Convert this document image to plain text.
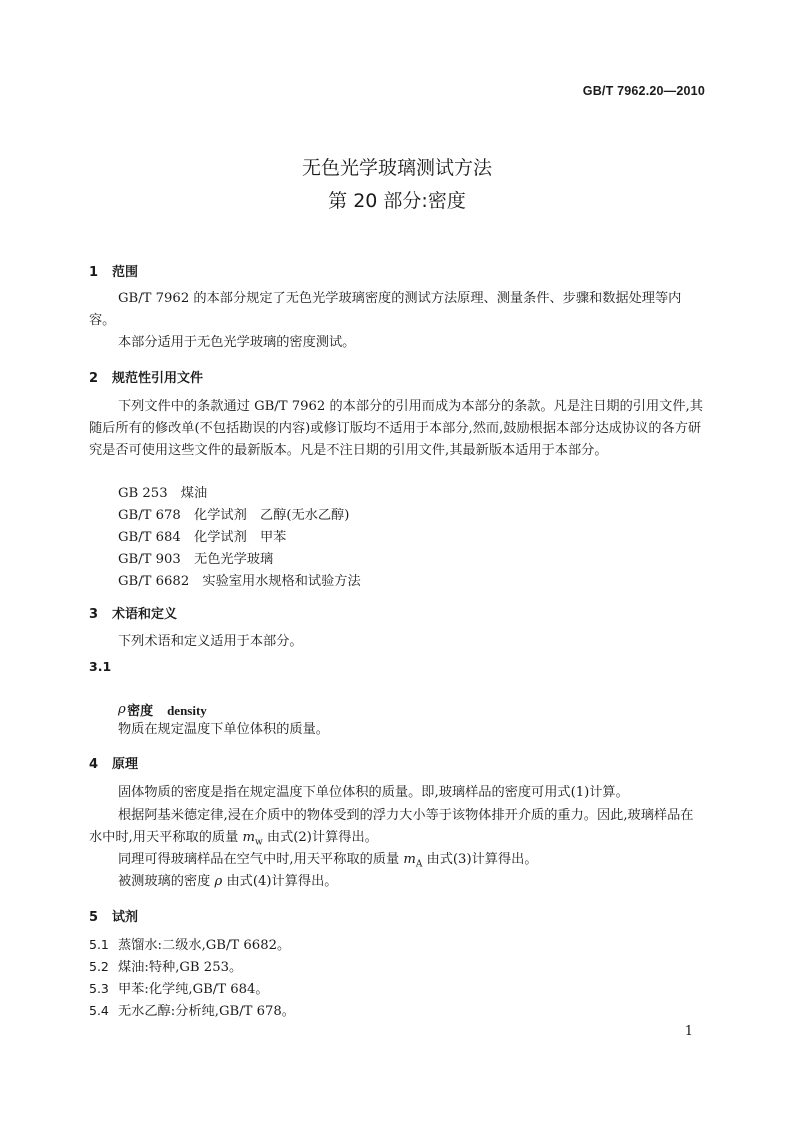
GB/T 7962.20—2010
无色光学玻璃测试方法
第 20 部分:密度
1 范围
GB/T 7962 的本部分规定了无色光学玻璃密度的测试方法原理、测量条件、步骤和数据处理等内容。
本部分适用于无色光学玻璃的密度测试。
2 规范性引用文件
下列文件中的条款通过 GB/T 7962 的本部分的引用而成为本部分的条款。凡是注日期的引用文件,其随后所有的修改单(不包括勘误的内容)或修订版均不适用于本部分,然而,鼓励根据本部分达成协议的各方研究是否可使用这些文件的最新版本。凡是不注日期的引用文件,其最新版本适用于本部分。
GB 253　煤油
GB/T 678　化学试剂　乙醇(无水乙醇)
GB/T 684　化学试剂　甲苯
GB/T 903　无色光学玻璃
GB/T 6682　实验室用水规格和试验方法
3 术语和定义
下列术语和定义适用于本部分。
3.1

密度 density

ρ
物质在规定温度下单位体积的质量。
4 原理
固体物质的密度是指在规定温度下单位体积的质量。即,玻璃样品的密度可用式(1)计算。
根据阿基米德定律,浸在介质中的物体受到的浮力大小等于该物体排开介质的重力。因此,玻璃样品在水中时,用天平称取的质量 $m_w$ 由式(2)计算得出。
同理可得玻璃样品在空气中时,用天平称取的质量 $m_A$ 由式(3)计算得出。
被测玻璃的密度 ρ 由式(4)计算得出。
5 试剂
5.1 蒸馏水:二级水,GB/T 6682。
5.2 煤油:特种,GB 253。
5.3 甲苯:化学纯,GB/T 684。
5.4 无水乙醇:分析纯,GB/T 678。
1
